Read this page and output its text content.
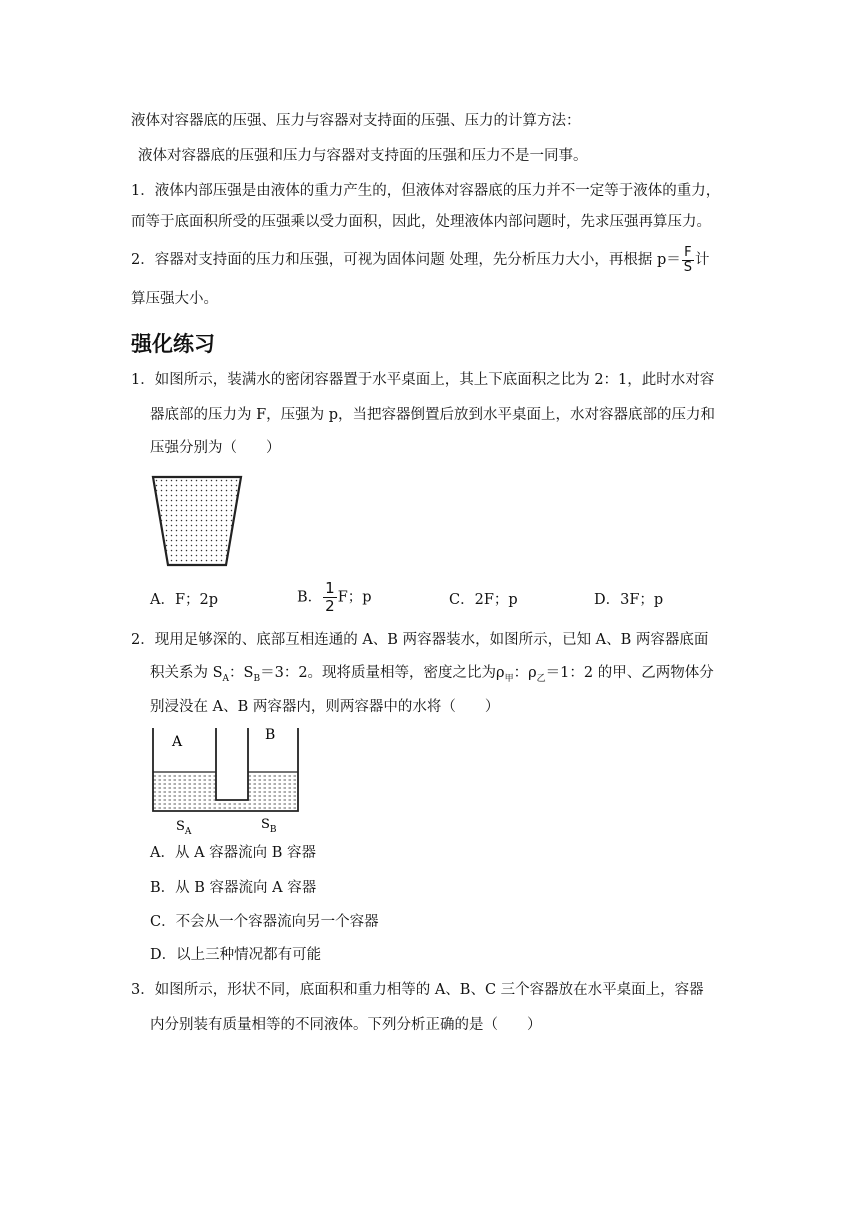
液体对容器底的压强、压力与容器对支持面的压强、压力的计算方法：
液体对容器底的压强和压力与容器对支持面的压强和压力不是一同事。
1．液体内部压强是由液体的重力产生的，但液体对容器底的压力并不一定等于液体的重力，
而等于底面积所受的压强乘以受力面积，因此，处理液体内部问题时，先求压强再算压力。
2．容器对支持面的压力和压强，可视为固体问题 处理，先分析压力大小，再根据 $p= \frac{F}{S}$ 计
算压强大小。
强化练习
1．如图所示，装满水的密闭容器置于水平桌面上，其上下底面积之比为 2：1，此时水对容
器底部的压力为 F，压强为 p，当把容器倒置后放到水平桌面上，水对容器底部的压力和
压强分别为（　　）
A．F；2p	B． $\frac{1}{2}$ F；p	C．2F；p	D．3F；p
2．现用足够深的、底部互相连通的 A、B 两容器装水，如图所示，已知 A、B 两容器底面
积关系为 $S_A$：$S_B=3$：2。现将质量相等，密度之比为$\rho_甲$：$\rho_乙=1$：2 的甲、乙两物体分
别浸没在 A、B 两容器内，则两容器中的水将（　　）
A	B
$S_A$	$S_B$
A．从 A 容器流向 B 容器
B．从 B 容器流向 A 容器
C．不会从一个容器流向另一个容器
D．以上三种情况都有可能
3．如图所示，形状不同，底面积和重力相等的 A、B、C 三个容器放在水平桌面上，容器
内分别装有质量相等的不同液体。下列分析正确的是（　　）
